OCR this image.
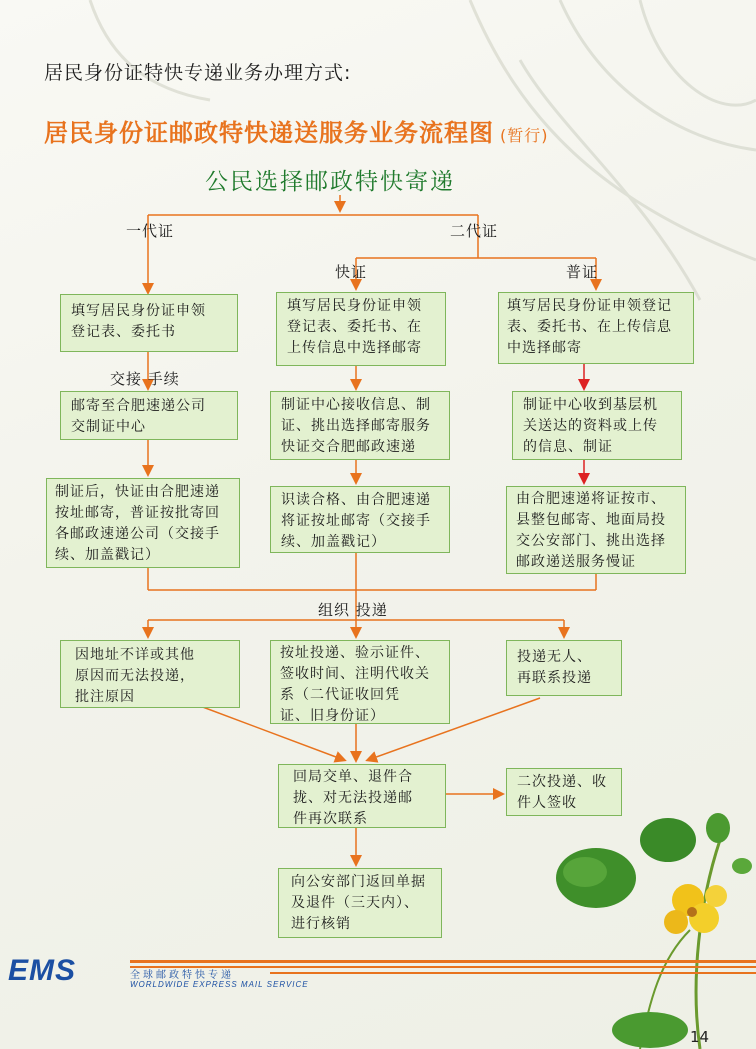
居民身份证特快专递业务办理方式:
居民身份证邮政特快递送服务业务流程图 (暂行)
公民选择邮政特快寄递
一代证	二代证
快证	普证
交接 手续
组织 投递
填写居民身份证申领
登记表、委托书
邮寄至合肥速递公司
交制证中心
制证后，快证由合肥速递
按址邮寄，普证按批寄回
各邮政速递公司（交接手
续、加盖戳记）
填写居民身份证申领
登记表、委托书、在
上传信息中选择邮寄
制证中心接收信息、制
证、挑出选择邮寄服务
快证交合肥邮政速递
识读合格、由合肥速递
将证按址邮寄（交接手
续、加盖戳记）
填写居民身份证申领登记
表、委托书、在上传信息
中选择邮寄
制证中心收到基层机
关送达的资料或上传
的信息、制证
由合肥速递将证按市、
县整包邮寄、地面局投
交公安部门、挑出选择
邮政递送服务慢证
因地址不详或其他
原因而无法投递，
批注原因
按址投递、验示证件、
签收时间、注明代收关
系（二代证收回凭
证、旧身份证）
投递无人、
再联系投递
回局交单、退件合
拢、对无法投递邮
件再次联系
二次投递、收
件人签收
向公安部门返回单据
及退件（三天内）、
进行核销
EMS	全球邮政特快专递
WORLDWIDE EXPRESS MAIL SERVICE
14
